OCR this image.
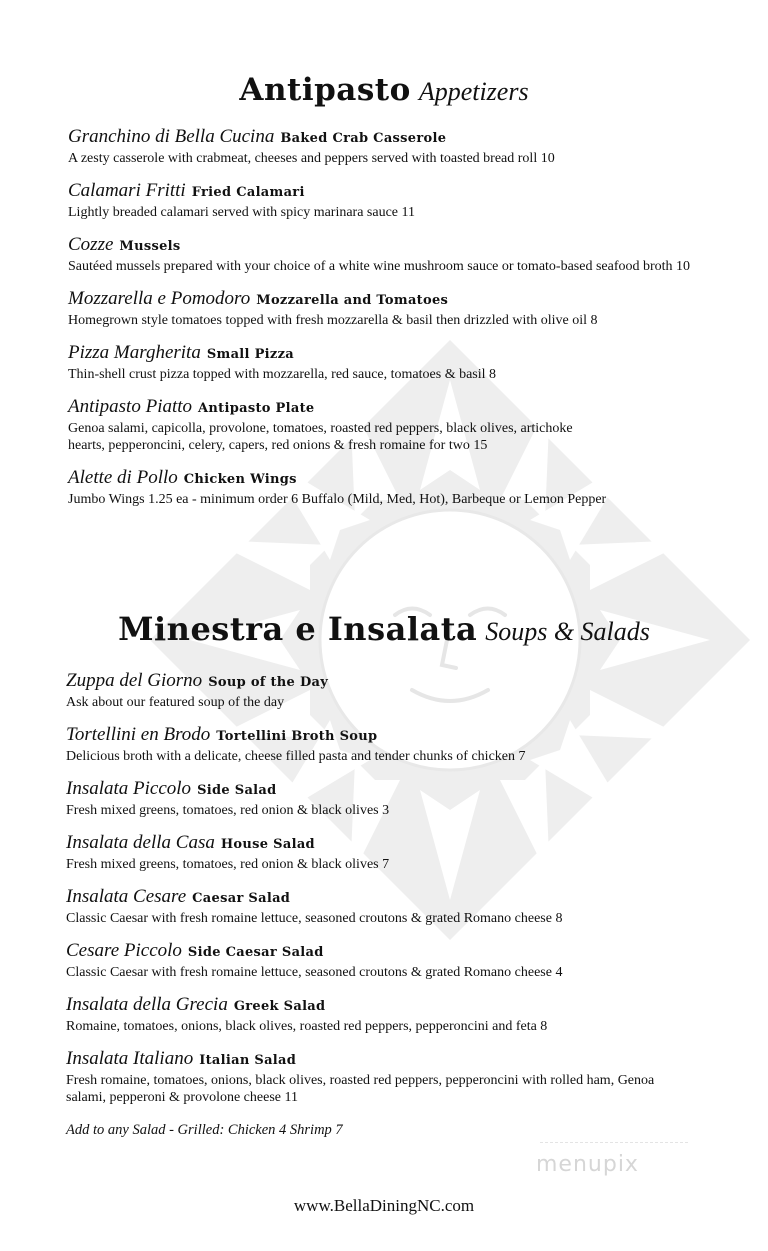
Antipasto Appetizers
Granchino di Bella Cucina Baked Crab Casserole
A zesty casserole with crabmeat, cheeses and peppers served with toasted bread roll 10
Calamari Fritti Fried Calamari
Lightly breaded calamari served with spicy marinara sauce 11
Cozze Mussels
Sautéed mussels prepared with your choice of a white wine mushroom sauce or tomato-based seafood broth 10
Mozzarella e Pomodoro Mozzarella and Tomatoes
Homegrown style tomatoes topped with fresh mozzarella & basil then drizzled with olive oil 8
Pizza Margherita Small Pizza
Thin-shell crust pizza topped with mozzarella, red sauce, tomatoes & basil 8
Antipasto Piatto Antipasto Plate
Genoa salami, capicolla, provolone, tomatoes, roasted red peppers, black olives, artichoke hearts, pepperoncini, celery, capers, red onions & fresh romaine for two 15
Alette di Pollo Chicken Wings
Jumbo Wings 1.25 ea - minimum order 6 Buffalo (Mild, Med, Hot), Barbeque or Lemon Pepper
Minestra e Insalata Soups & Salads
Zuppa del Giorno Soup of the Day
Ask about our featured soup of the day
Tortellini en Brodo Tortellini Broth Soup
Delicious broth with a delicate, cheese filled pasta and tender chunks of chicken 7
Insalata Piccolo Side Salad
Fresh mixed greens, tomatoes, red onion & black olives 3
Insalata della Casa House Salad
Fresh mixed greens, tomatoes, red onion & black olives 7
Insalata Cesare Caesar Salad
Classic Caesar with fresh romaine lettuce, seasoned croutons & grated Romano cheese 8
Cesare Piccolo Side Caesar Salad
Classic Caesar with fresh romaine lettuce, seasoned croutons & grated Romano cheese 4
Insalata della Grecia Greek Salad
Romaine, tomatoes, onions, black olives, roasted red peppers, pepperoncini and feta 8
Insalata Italiano Italian Salad
Fresh romaine, tomatoes, onions, black olives, roasted red peppers, pepperoncini with rolled ham, Genoa salami, pepperoni & provolone cheese 11
Add to any Salad - Grilled: Chicken 4 Shrimp 7
menupix
www.BellaDiningNC.com
